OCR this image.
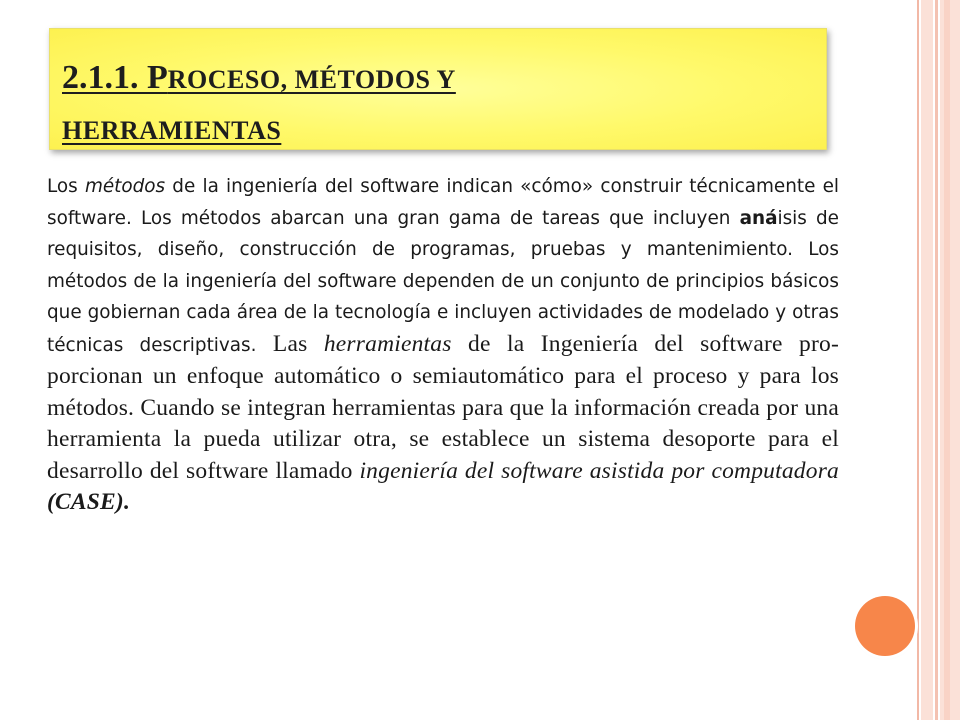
2.1.1. PROCESO, MÉTODOS Y
HERRAMIENTAS

Los métodos de la ingeniería del software indican «cómo» construir técnicamente el software. Los métodos abarcan una gran gama de tareas que incluyen anáisis de requisitos, diseño, construcción de programas, pruebas y mantenimiento. Los métodos de la ingeniería del software dependen de un conjunto de principios básicos que gobiernan cada área de la tecnología e incluyen actividades de modelado y otras técnicas descriptivas. Las herramientas de la Ingeniería del software pro-porcionan un enfoque automático o semiautomático para el proceso y para los métodos. Cuando se integran herramientas para que la información creada por una herramienta la pueda utilizar otra, se establece un sistema desoporte para el desarrollo del software llamado ingeniería del software asistida por computadora (CASE).
